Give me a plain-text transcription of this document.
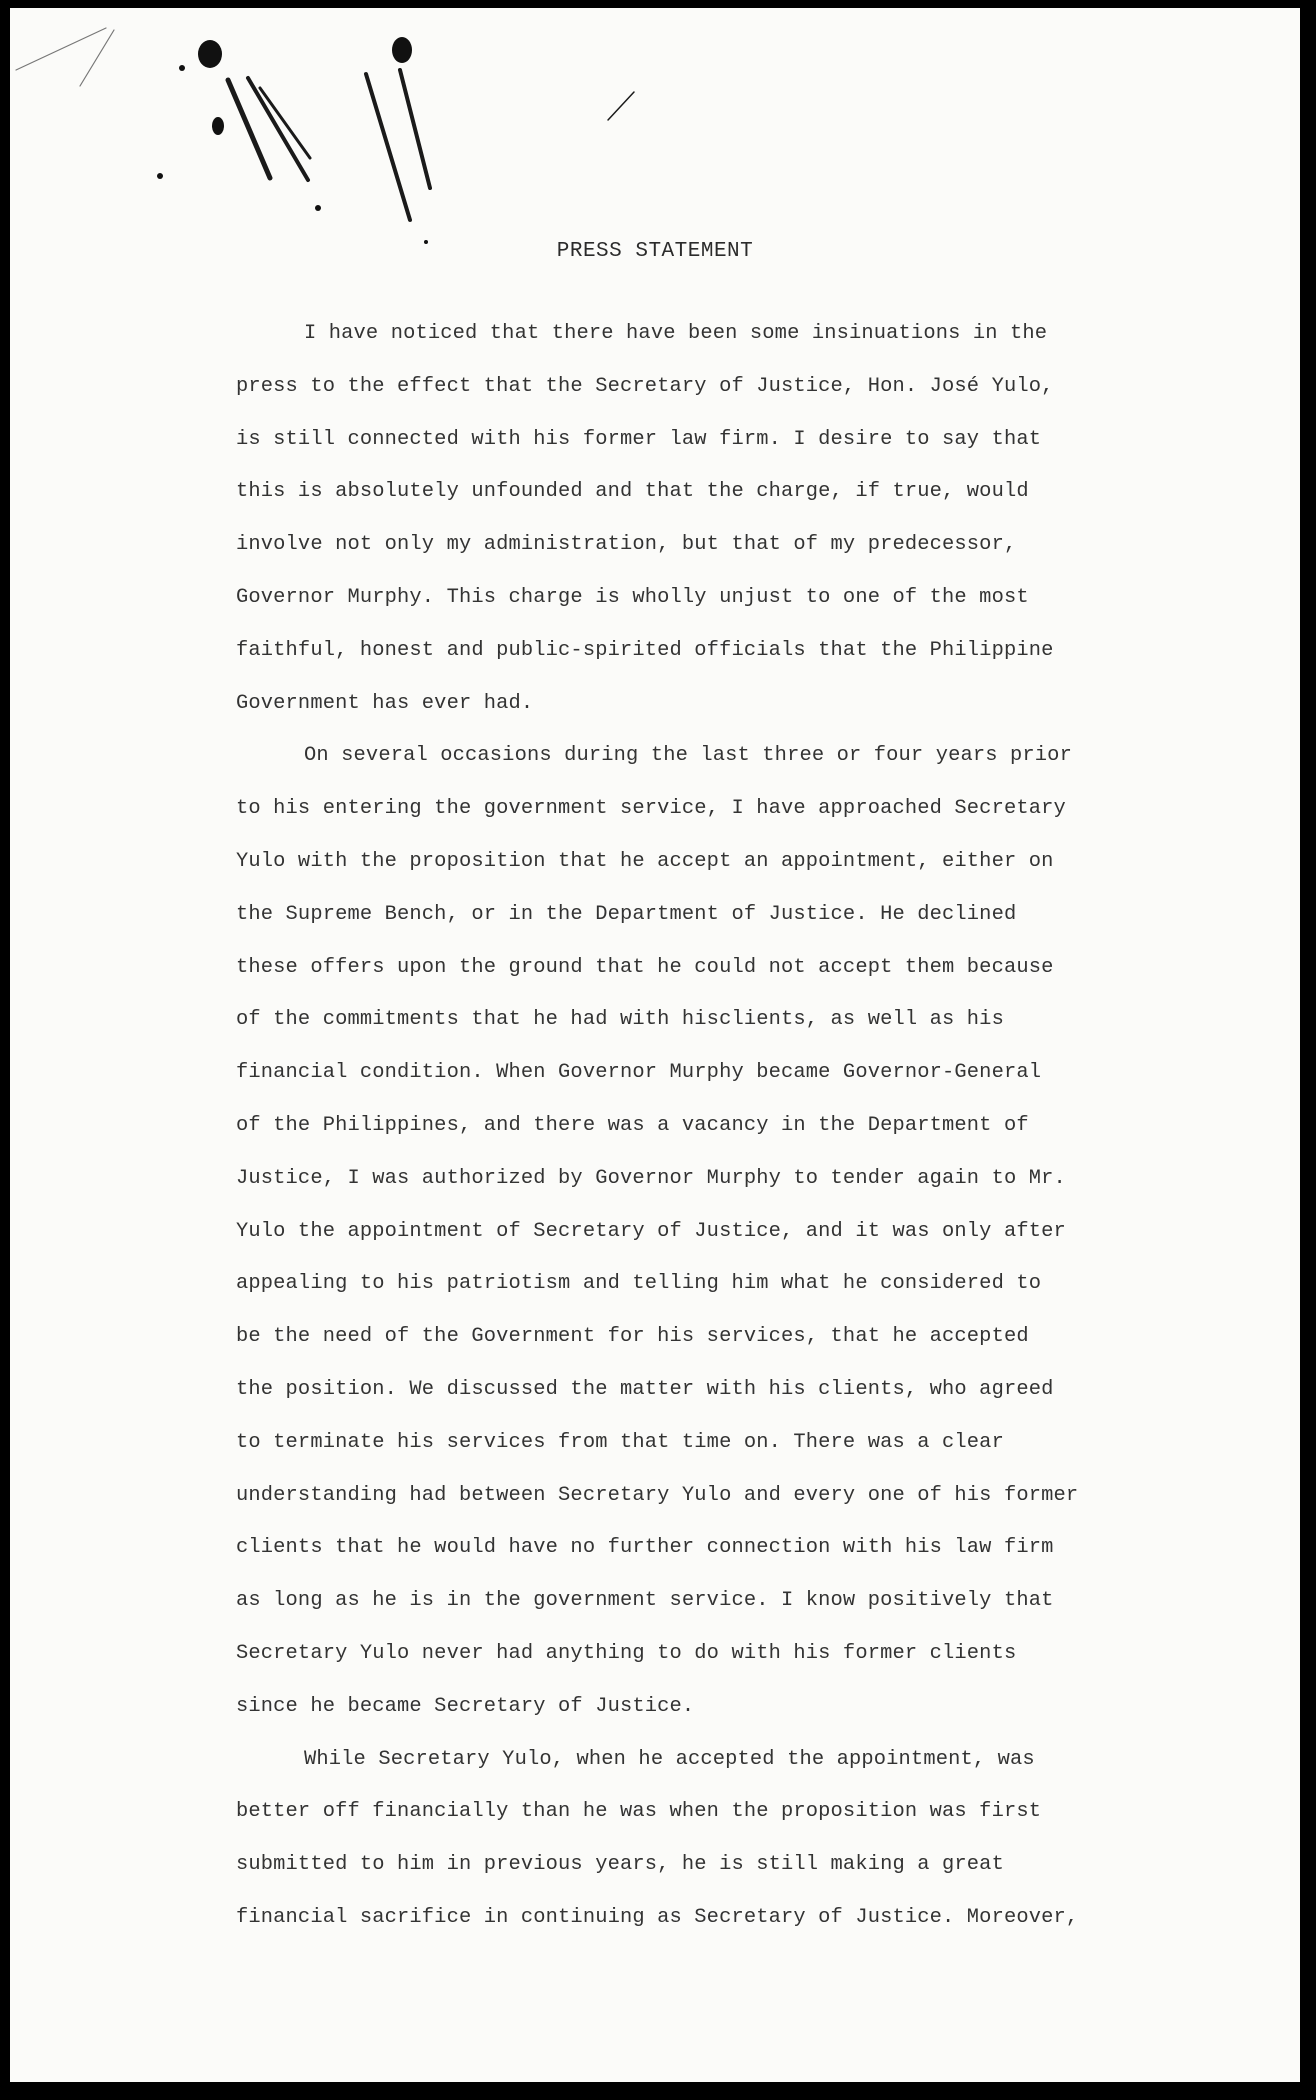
PRESS STATEMENT
I have noticed that there have been some insinuations in the
press to the effect that the Secretary of Justice, Hon. José Yulo,
is still connected with his former law firm. I desire to say that
this is absolutely unfounded and that the charge, if true, would
involve not only my administration, but that of my predecessor,
Governor Murphy. This charge is wholly unjust to one of the most
faithful, honest and public-spirited officials that the Philippine
Government has ever had.
On several occasions during the last three or four years prior
to his entering the government service, I have approached Secretary
Yulo with the proposition that he accept an appointment, either on
the Supreme Bench, or in the Department of Justice. He declined
these offers upon the ground that he could not accept them because
of the commitments that he had with hisclients, as well as his
financial condition. When Governor Murphy became Governor-General
of the Philippines, and there was a vacancy in the Department of
Justice, I was authorized by Governor Murphy to tender again to Mr.
Yulo the appointment of Secretary of Justice, and it was only after
appealing to his patriotism and telling him what he considered to
be the need of the Government for his services, that he accepted
the position. We discussed the matter with his clients, who agreed
to terminate his services from that time on. There was a clear
understanding had between Secretary Yulo and every one of his former
clients that he would have no further connection with his law firm
as long as he is in the government service. I know positively that
Secretary Yulo never had anything to do with his former clients
since he became Secretary of Justice.
While Secretary Yulo, when he accepted the appointment, was
better off financially than he was when the proposition was first
submitted to him in previous years, he is still making a great
financial sacrifice in continuing as Secretary of Justice. Moreover,
